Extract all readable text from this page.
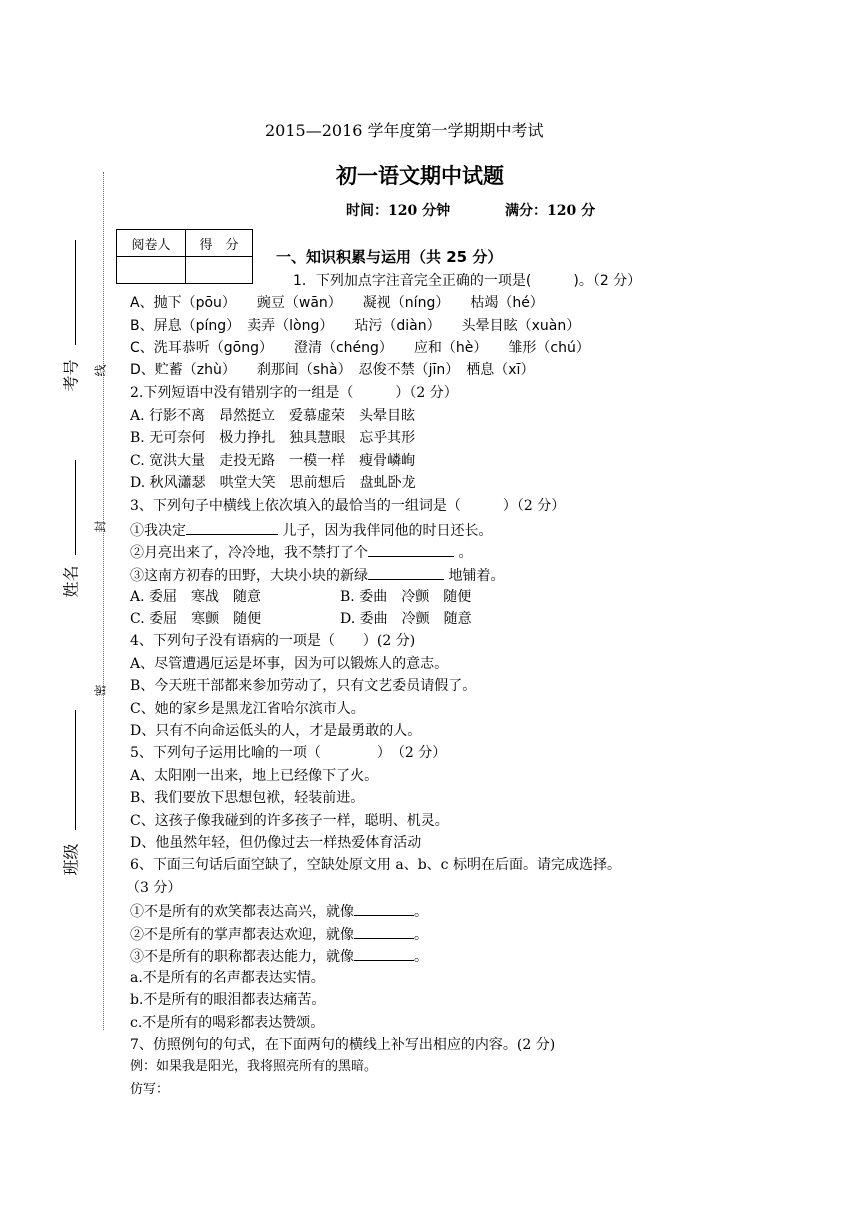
2015—2016 学年度第一学期期中考试
初一语文期中试题
时间：120 分钟	满分：120 分
考号
姓名
班级
线
封
密
阅卷人	得　分

一、知识积累与运用（共 25 分）
1．下列加点字注音完全正确的一项是(　　　)。（2 分）
A、抛下（pōu）　　豌豆（wān）　　凝视（níng）　　枯竭（hé）
B、屏息（píng）　卖弄（lòng）　　玷污（diàn）　　头晕目眩（xuàn）
C、洗耳恭听（gōng）　　澄清（chéng）　　应和（hè）　　雏形（chú）
D、贮蓄（zhù）　　刹那间（shà）　忍俊不禁（jīn）　栖息（xī）
2.下列短语中没有错别字的一组是（　　　）（2 分）
A. 行影不离　昂然挺立　爱慕虚荣　头晕目眩
B. 无可奈何　极力挣扎　独具慧眼　忘乎其形
C. 宽洪大量　走投无路　一模一样　瘦骨嶙峋
D. 秋风瀟瑟　哄堂大笑　思前想后　盘虬卧龙
3、下列句子中横线上依次填入的最恰当的一组词是（　　　）（2 分）
①我决定	儿子，因为我伴同他的时日还长。
②月亮出来了，冷冷地，我不禁打了个	。
③这南方初春的田野，大块小块的新绿	地铺着。
A. 委屈　寒战　随意	B. 委曲　冷颤　随便
C. 委屈　寒颤　随便	D. 委曲　冷颤　随意
4、下列句子没有语病的一项是（　　）(2 分)
A、尽管遭遇厄运是坏事，因为可以锻炼人的意志。
B、今天班干部都来参加劳动了，只有文艺委员请假了。
C、她的家乡是黑龙江省哈尔滨市人。
D、只有不向命运低头的人，才是最勇敢的人。
5、下列句子运用比喻的一项（　　　　）　（2 分）
A、太阳刚一出来，地上已经像下了火。
B、我们要放下思想包袱，轻装前进。
C、这孩子像我碰到的许多孩子一样，聪明、机灵。
D、他虽然年轻，但仍像过去一样热爱体育活动
6、下面三句话后面空缺了，空缺处原文用 a、b、c 标明在后面。请完成选择。
（3 分）
①不是所有的欢笑都表达高兴，就像	。
②不是所有的掌声都表达欢迎，就像	。
③不是所有的职称都表达能力，就像	。
a.不是所有的名声都表达实情。
b.不是所有的眼泪都表达痛苦。
c.不是所有的喝彩都表达赞颂。
7、仿照例句的句式，在下面两句的横线上补写出相应的内容。(2 分)
例：如果我是阳光，我将照亮所有的黑暗。
仿写：
